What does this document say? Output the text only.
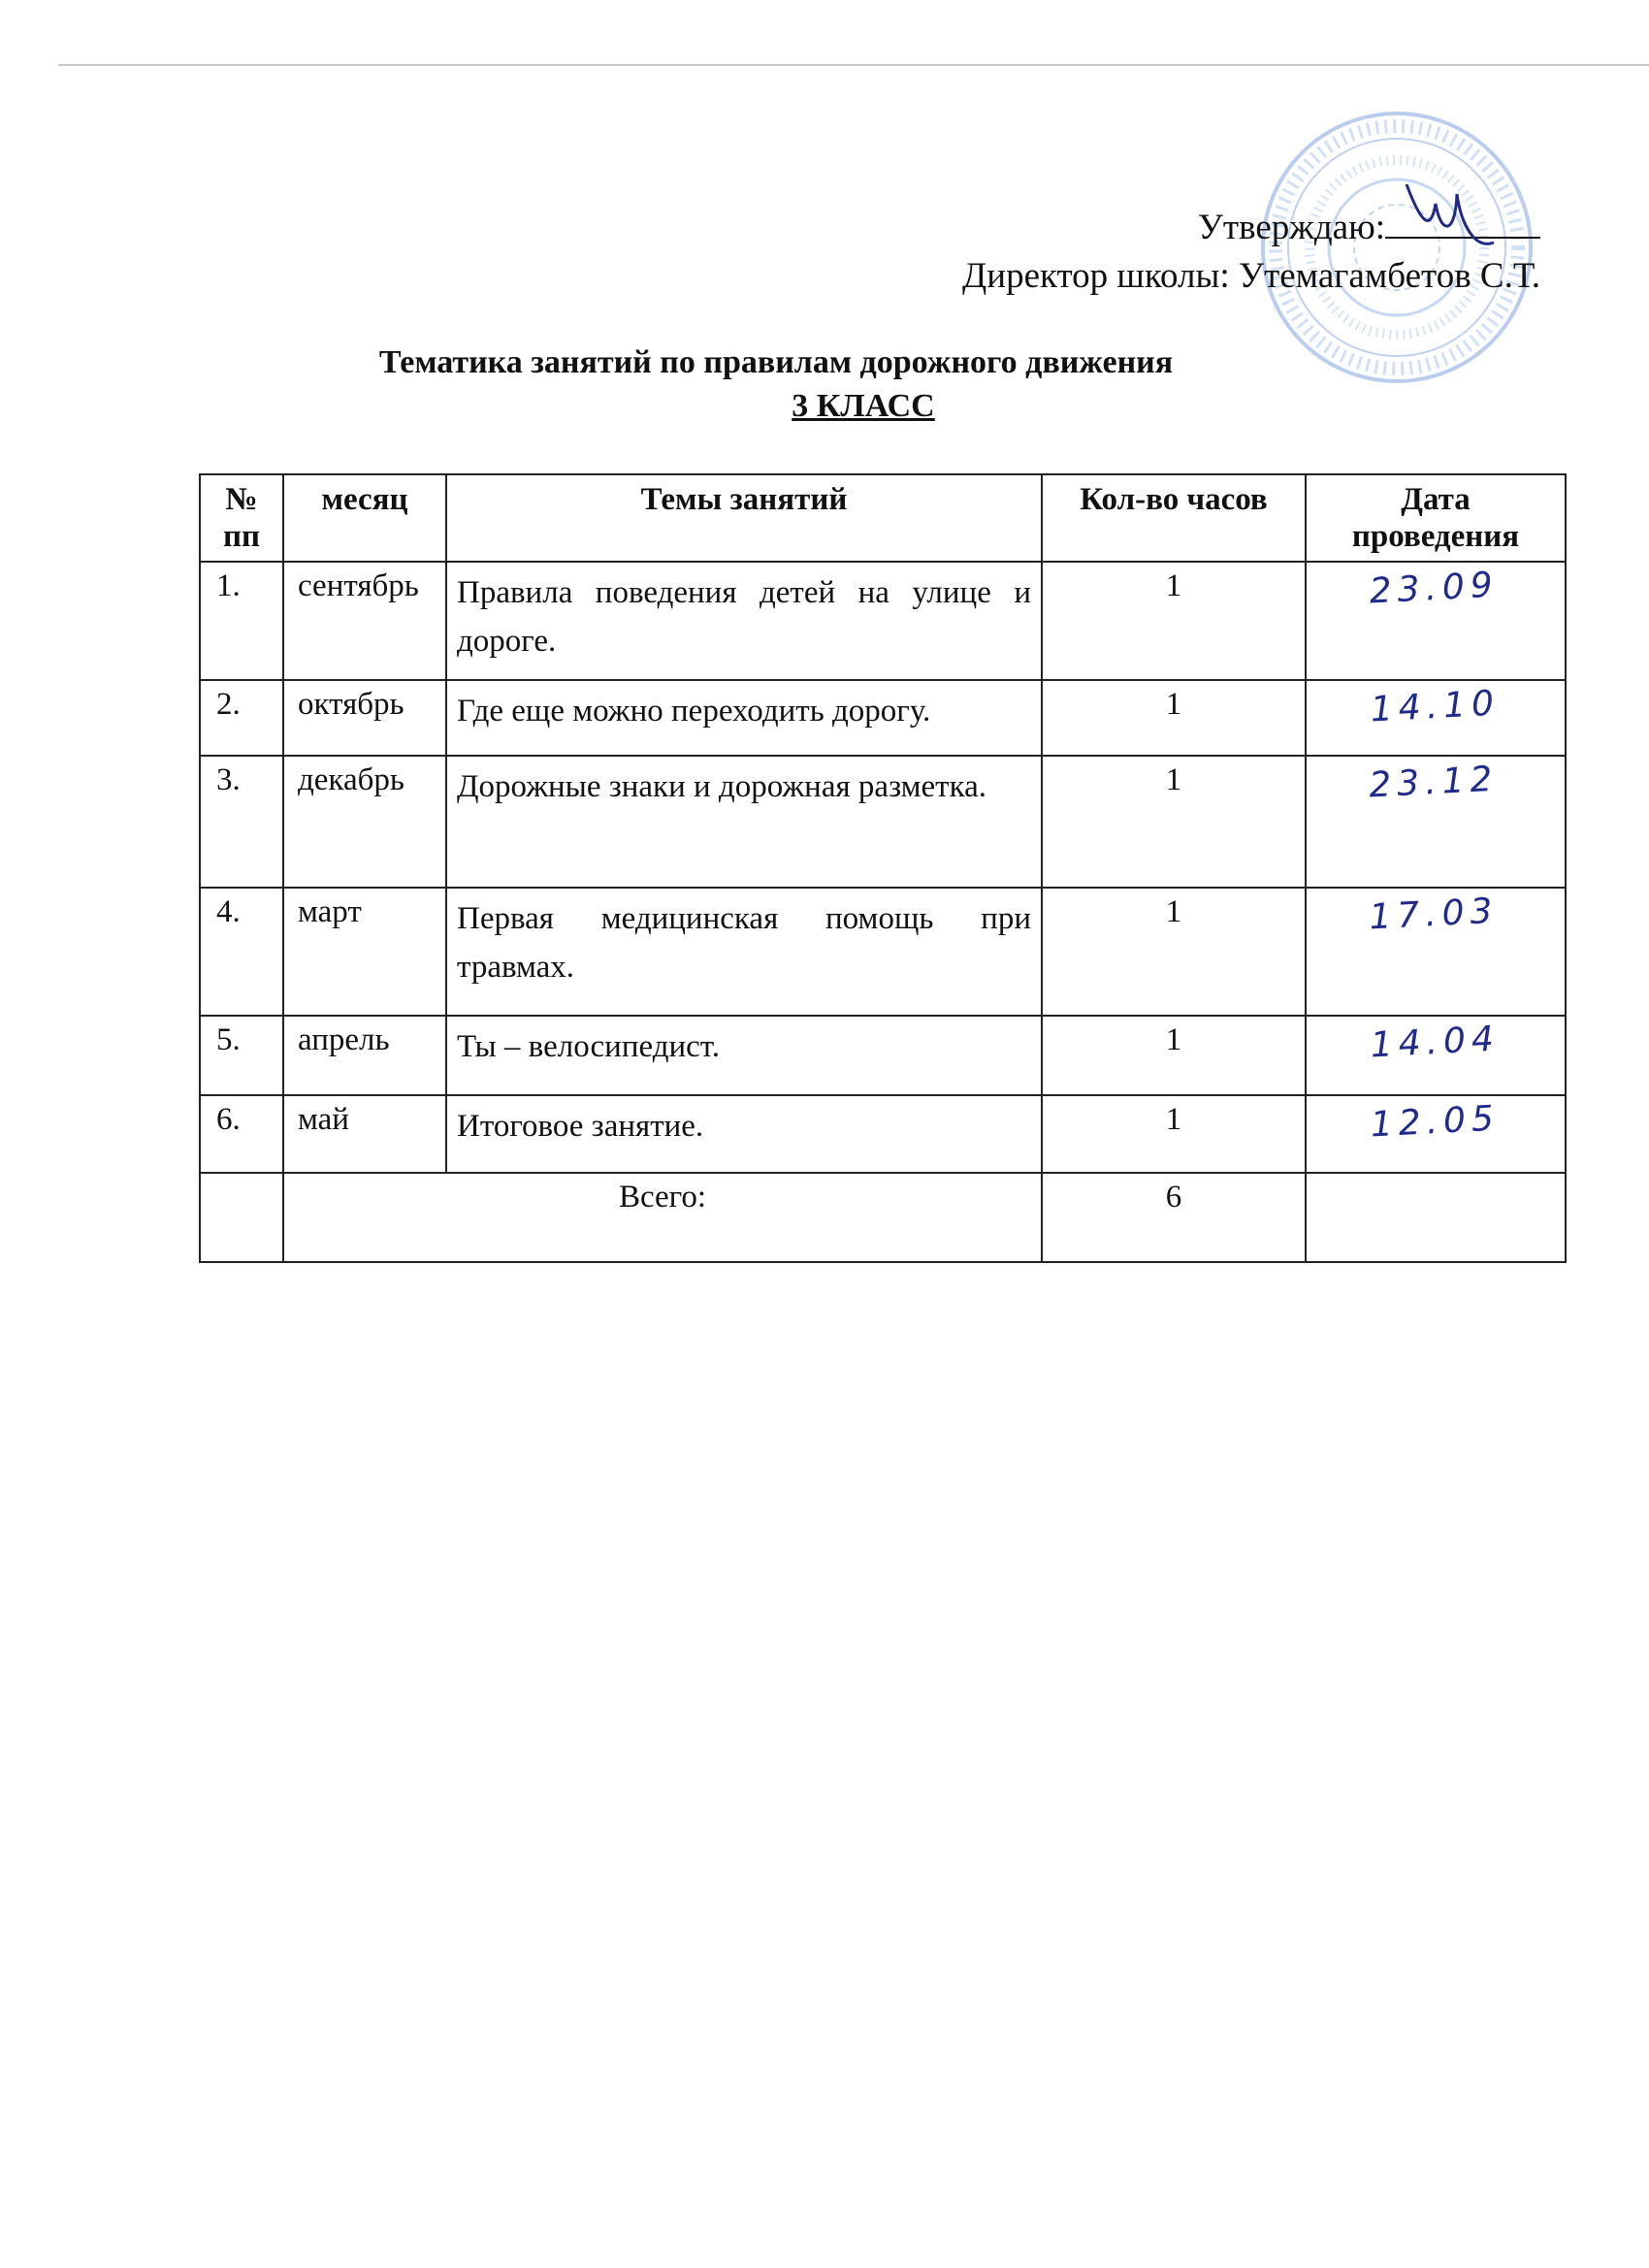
Утверждаю:
Директор школы: Утемагамбетов С.Т.
Тематика занятий по правилам дорожного движения
3 КЛАСС
№ пп	месяц	Темы занятий	Кол-во часов	Дата проведения
1.	сентябрь	Правила поведения детей на улице и дороге.	1	23.09
2.	октябрь	Где еще можно переходить дорогу.	1	14.10
3.	декабрь	Дорожные знаки и дорожная разметка.	1	23.12
4.	март	Первая медицинская помощь при травмах.	1	17.03
5.	апрель	Ты – велосипедист.	1	14.04
6.	май	Итоговое занятие.	1	12.05
	Всего:		6	
